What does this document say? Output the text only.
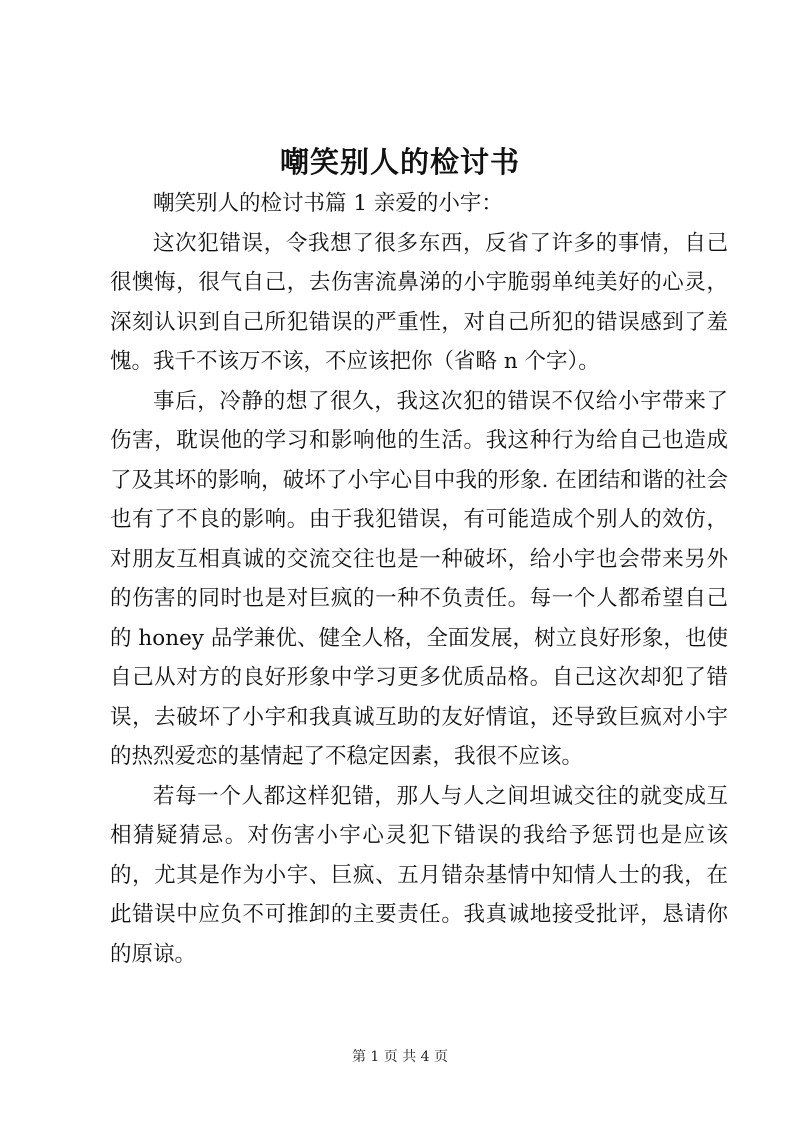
嘲笑别人的检讨书

嘲笑别人的检讨书篇 1 亲爱的小宇：

这次犯错误，令我想了很多东西，反省了许多的事情，自己很懊悔，很气自己，去伤害流鼻涕的小宇脆弱单纯美好的心灵，深刻认识到自己所犯错误的严重性，对自己所犯的错误感到了羞愧。我千不该万不该，不应该把你（省略 n 个字）。

事后，冷静的想了很久，我这次犯的错误不仅给小宇带来了伤害，耽误他的学习和影响他的生活。我这种行为给自己也造成了及其坏的影响，破坏了小宇心目中我的形象. 在团结和谐的社会也有了不良的影响。由于我犯错误，有可能造成个别人的效仿，对朋友互相真诚的交流交往也是一种破坏，给小宇也会带来另外的伤害的同时也是对巨疯的一种不负责任。每一个人都希望自己的 honey 品学兼优、健全人格，全面发展，树立良好形象，也使自己从对方的良好形象中学习更多优质品格。自己这次却犯了错误，去破坏了小宇和我真诚互助的友好情谊，还导致巨疯对小宇的热烈爱恋的基情起了不稳定因素，我很不应该。

若每一个人都这样犯错，那人与人之间坦诚交往的就变成互相猜疑猜忌。对伤害小宇心灵犯下错误的我给予惩罚也是应该的，尤其是作为小宇、巨疯、五月错杂基情中知情人士的我，在此错误中应负不可推卸的主要责任。我真诚地接受批评，恳请你的原谅。

第 1 页 共 4 页
